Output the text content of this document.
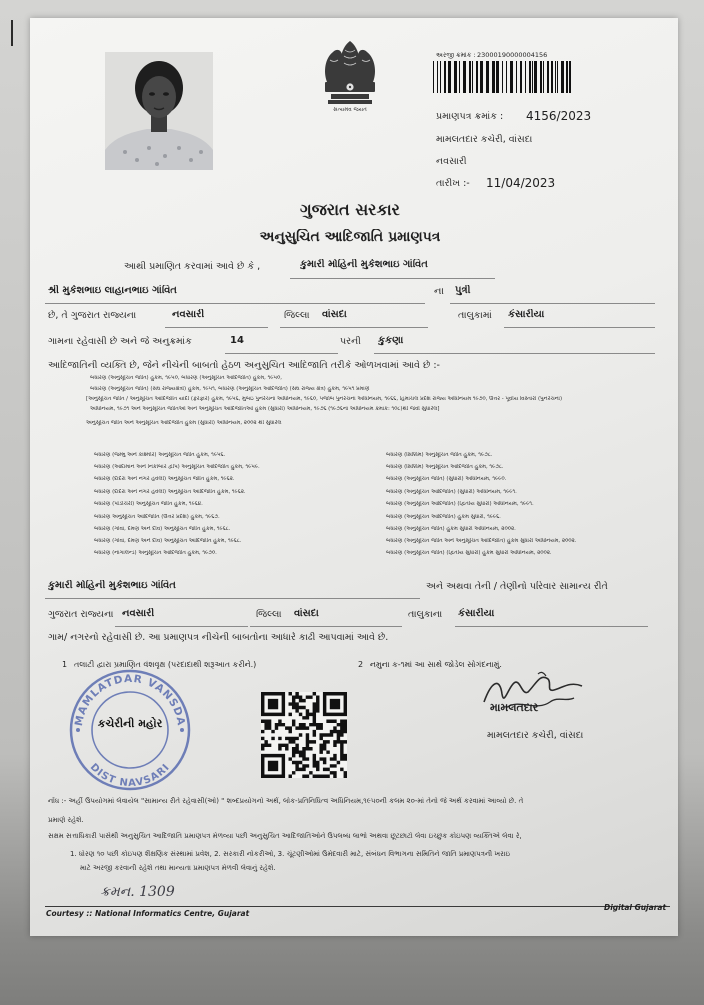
સત્યમેવ જયતે
અરજી ક્રમાંક : 23000190000004156
પ્રમાણપત્ર ક્રમાંક :	4156/2023
મામલતદાર કચેરી, વાંસદા
નવસારી
તારીખ :-	11/04/2023
ગુજરાત સરકાર
અનુસુચિત આદિજાતિ પ્રમાણપત્ર
આથી પ્રમાણિત કરવામાં આવે છે કે ,	કુમારી મોહિની મુકેશભાઇ ગાંવિત
શ્રી મુકેશભાઇ લાહાનભાઇ ગાંવિત	ના	પુત્રી
છે, તે ગુજરાત રાજ્યના	નવસારી	જિલ્લા	વાંસદા	તાલુકામાં	કંસારીયા
ગામના રહેવાસી છે અને જે અનુક્રમાંક	14	પરની	કુકણા
આદિજાતિની વ્યક્તિ છે, જેને નીચેની બાબતો હેઠળ અનુસુચિત આદિજાતિ તરીકે ઓળખવામાં આવે છે :-
બંધારણ (અનુસૂચિત જાતિ) હુકમ, ૧૯૫૦, બંધારણ (અનુસૂચિત આદિજાતિ) હુકમ, ૧૯૫૦,
બંધારણ (અનુસૂચિત જાતિ) (સંઘ રાજ્યક્ષેત્રો) હુકમ, ૧૯૫૧, બંધારણ (અનુસૂચિત આદિજાતિ) (સંઘ રાજ્ય ક્ષેત્ર) હુકમ, ૧૯૫૧ પ્રમાણે
[અનુસૂચિત જાતિ / અનુસૂચિત આદિજાતિ યાદી (ફેરફાર) હુકમ, ૧૯૫૬, મુંબઇ પુનર્રચના અધિનિયમ, ૧૯૬૦, પંજાબ પુનર્રચના અધિનિયમ, ૧૯૬૬, હિમાચલ પ્રદેશ રાજ્ય અધિનિયમ ૧૯૭૦, ઉત્તર - પૂર્વીય વિસ્તારો (પુનર્રચના)
અધિનિયમ, ૧૯૭૧ અને અનુસૂચિત જાતિઓ અને અનુસૂચિત આદિજાતિઓ હુકમ (સુધારો) અધિનિયમ, ૧૯૭૬ (૧૯૭૬ના અધિનિયમ ક્રમાંક: ૧૦૮)થી જેવી સુધારેલ]
અનુસૂચિત જાતિ અને અનુસૂચિત આદિજાતિ હુકમ (સુધારો) અધિનિયમ, ૨૦૦૨ થી સુધારેલ
બંધારણ (જમ્મુ અને કાશ્મીર) અનુસૂચિત જાતિ હુકમ, ૧૯૫૬.
બંધારણ (આંદામાન અને નિકોબાર દ્વીપ) અનુસૂચિત આદિજાતિ હુકમ, ૧૯૫૯.
બંધારણ (દાદરા અને નગર હવેલી) અનુસૂચિત જાતિ હુકમ, ૧૯૬૨.
બંધારણ (દાદરા અને નગર હવેલી) અનુસૂચિત આદિજાતિ હુકમ, ૧૯૬૨.
બંધારણ (પોંડીચેરી) અનુસૂચિત જાતિ હુકમ, ૧૯૬૪.
બંધારણ અનુસૂચિત આદિજાતિ (ઉત્તર પ્રદેશ) હુકમ, ૧૯૬૭.
બંધારણ (ગોવા, દમણ અને દીવ) અનુસૂચિત જાતિ હુકમ, ૧૯૬૮.
બંધારણ (ગોવા, દમણ અને દીવ) અનુસૂચિત આદિજાતિ હુકમ, ૧૯૬૮.
બંધારણ (નાગાલેન્ડ) અનુસૂચિત આદિજાતિ હુકમ, ૧૯૭૦.
બંધારણ (સિક્કિમ) અનુસૂચિત જાતિ હુકમ, ૧૯૭૮.
બંધારણ (સિક્કિમ) અનુસૂચિત આદિજાતિ હુકમ, ૧૯૭૮.
બંધારણ (અનુસૂચિત જાતિ) (સુધારો) અધિનિયમ, ૧૯૯૦.
બંધારણ (અનુસૂચિત આદિજાતિ) (સુધારો) અધિનિયમ, ૧૯૯૧.
બંધારણ (અનુસૂચિત આદિજાતિ) (દ્વિતીય સુધારો) અધિનિયમ, ૧૯૯૧.
બંધારણ (અનુસૂચિત આદિજાતિ) હુકમ સુધારો, ૧૯૯૬.
બંધારણ (અનુસૂચિત જાતિ) હુકમ સુધારો અધિનિયમ, ૨૦૦૨.
બંધારણ (અનુસૂચિત જાતિ અને અનુસૂચિત આદિજાતિ) હુકમ સુધારો અધિનિયમ, ૨૦૦૨.
બંધારણ (અનુસૂચિત જાતિ) (દ્વિતીય સુધારો) હુકમ સુધારો અધિનિયમ, ૨૦૦૨.
કુમારી મોહિની મુકેશભાઇ ગાંવિત	અને અથવા તેની / તેણીનો પરિવાર સામાન્ય રીતે
ગુજરાત રાજ્યના નવસારી	જિલ્લા	વાંસદા	તાલુકાના	કંસારીયા
ગામ/ નગરનો રહેવાસી છે. આ પ્રમાણપત્ર નીચેની બાબતોના આધારે કાઢી આપવામાં આવે છે.
1 તલાટી દ્વારા પ્રમાણિત વંશવૃક્ષ (પરદાદાથી શરૂઆત કરીને.)	2 નમુના ક-૧માં આ સાથે જોડેલ સોગંદનામું.
MAMLATDAR VANSDA
DIST NAVSARI
કચેરીની મહોર
મામલતદાર
મામલતદાર કચેરી, વાંસદા
નોંધ :- અહીં ઉપયોગમાં લેવાયેલ "સામાન્ય રીતે રહેવાસી(ઓ) " શબ્દપ્રયોગનો અર્થ, લોક-પ્રતિનિધિત્વ અધિનિયમ,૧૯૫૦ની કલમ ૨૦-માં તેનો જે અર્થ કરવામાં આવ્યો છે. તે
પ્રમાણે રહેશે.
સક્ષમ સત્તાધિકારી પાસેથી અનુસુચિત આદિજાતિ પ્રમાણપત્ર મેળવ્યા પછી અનુસુચિત આદિજાતિઓને ઉપલબ્ધ લાભો અથવા છૂટછાટો લેવા ઇચ્છુક કોઇપણ વ્યક્તિએ લેવા રે,
1. ધોરણ ૧૦ પછી કોઇપણ શૈક્ષણિક સંસ્થામાં પ્રવેશ, 2. સરકારી નોકરીઓ, 3. ચૂંટણીઓમાં ઉમેદવારી માટે, સંબંધન વિભાગના સમિતિને જાતિ પ્રમાણપત્રની ખરાઇ
માટે અરજી કરવાની રહેશે તથા માન્યતા પ્રમાણપત્ર મેળવી લેવાનું રહેશે.
ક્રમન. 1309
Courtesy :: National Informatics Centre, Gujarat
Digital Gujarat
